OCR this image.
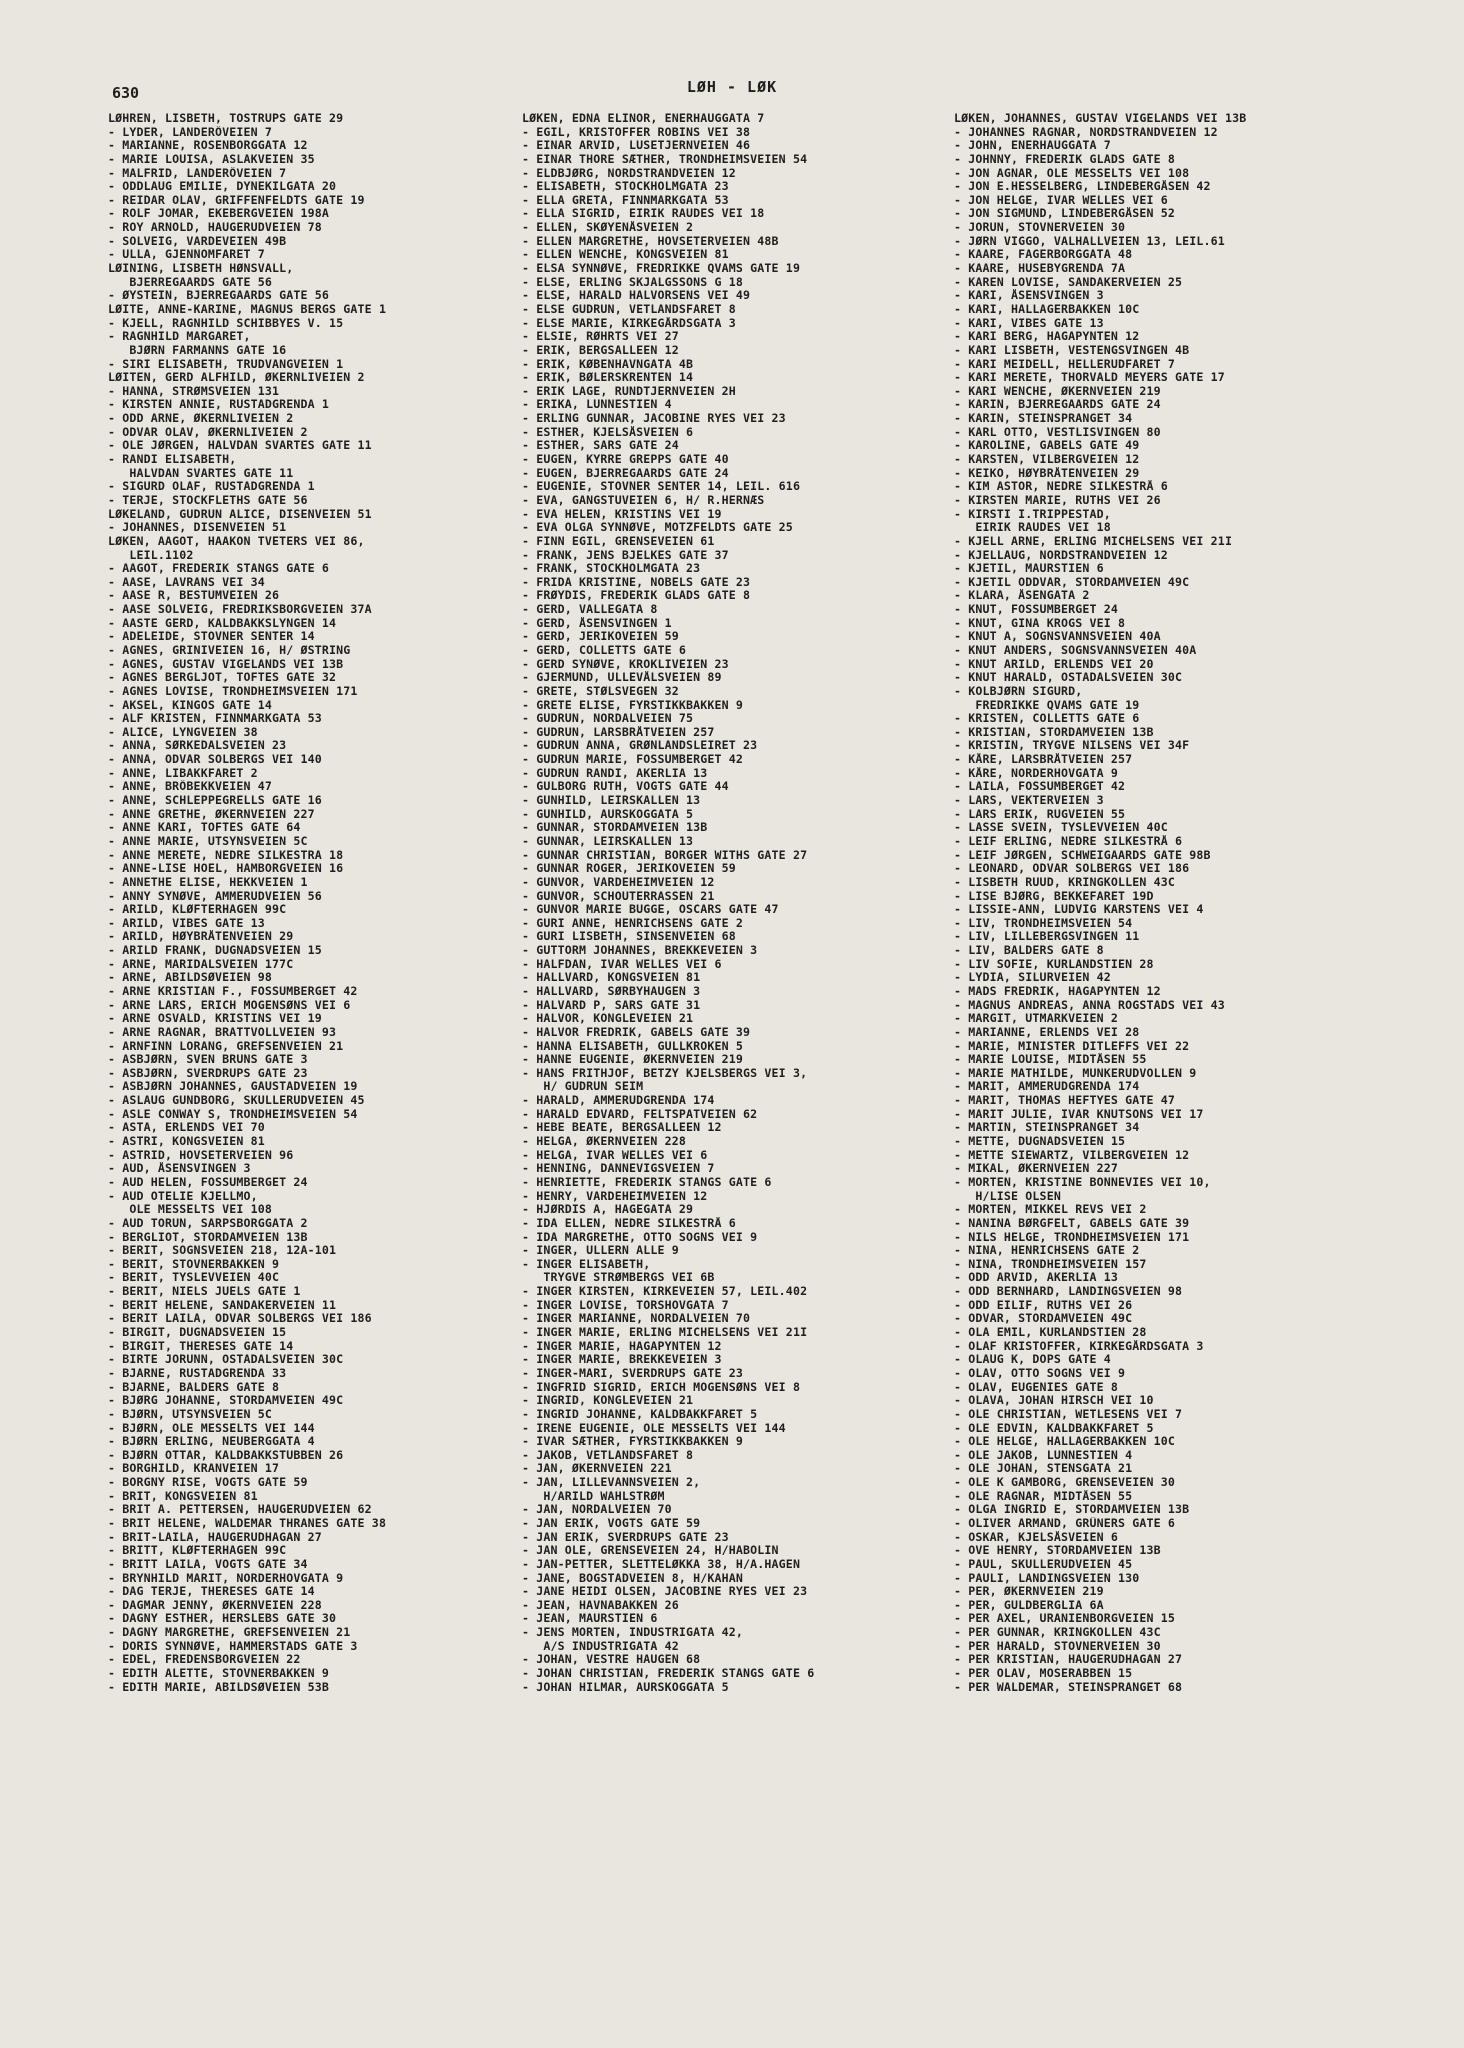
630	LØH - LØK
LØHREN, LISBETH, TOSTRUPS GATE 29
- LYDER, LANDERÖVEIEN 7
- MARIANNE, ROSENBORGGATA 12
- MARIE LOUISA, ASLAKVEIEN 35
- MALFRID, LANDERÖVEIEN 7
- ODDLAUG EMILIE, DYNEKILGATA 20
- REIDAR OLAV, GRIFFENFELDTS GATE 19
- ROLF JOMAR, EKEBERGVEIEN 198A
- ROY ARNOLD, HAUGERUDVEIEN 78
- SOLVEIG, VARDEVEIEN 49B
- ULLA, GJENNOMFARET 7
LØINING, LISBETH HØNSVALL,
BJERREGAARDS GATE 56
- ØYSTEIN, BJERREGAARDS GATE 56
LØITE, ANNE-KARINE, MAGNUS BERGS GATE 1
- KJELL, RAGNHILD SCHIBBYES V. 15
- RAGNHILD MARGARET,
BJØRN FARMANNS GATE 16
- SIRI ELISABETH, TRUDVANGVEIEN 1
LØITEN, GERD ALFHILD, ØKERNLIVEIEN 2
- HANNA, STRØMSVEIEN 131
- KIRSTEN ANNIE, RUSTADGRENDA 1
- ODD ARNE, ØKERNLIVEIEN 2
- ODVAR OLAV, ØKERNLIVEIEN 2
- OLE JØRGEN, HALVDAN SVARTES GATE 11
- RANDI ELISABETH,
HALVDAN SVARTES GATE 11
- SIGURD OLAF, RUSTADGRENDA 1
- TERJE, STOCKFLETHS GATE 56
LØKELAND, GUDRUN ALICE, DISENVEIEN 51
- JOHANNES, DISENVEIEN 51
LØKEN, AAGOT, HAAKON TVETERS VEI 86,
LEIL.1102
- AAGOT, FREDERIK STANGS GATE 6
- AASE, LAVRANS VEI 34
- AASE R, BESTUMVEIEN 26
- AASE SOLVEIG, FREDRIKSBORGVEIEN 37A
- AASTE GERD, KALDBAKKSLYNGEN 14
- ADELEIDE, STOVNER SENTER 14
- AGNES, GRINIVEIEN 16, H/ ØSTRING
- AGNES, GUSTAV VIGELANDS VEI 13B
- AGNES BERGLJOT, TOFTES GATE 32
- AGNES LOVISE, TRONDHEIMSVEIEN 171
- AKSEL, KINGOS GATE 14
- ALF KRISTEN, FINNMARKGATA 53
- ALICE, LYNGVEIEN 38
- ANNA, SØRKEDALSVEIEN 23
- ANNA, ODVAR SOLBERGS VEI 140
- ANNE, LIBAKKFARET 2
- ANNE, BRÖBEKKVEIEN 47
- ANNE, SCHLEPPEGRELLS GATE 16
- ANNE GRETHE, ØKERNVEIEN 227
- ANNE KARI, TOFTES GATE 64
- ANNE MARIE, UTSYNSVEIEN 5C
- ANNE MERETE, NEDRE SILKESTRA 18
- ANNE-LISE HOEL, HAMBORGVEIEN 16
- ANNETHE ELISE, HEKKVEIEN 1
- ANNY SYNØVE, AMMERUDVEIEN 56
- ARILD, KLØFTERHAGEN 99C
- ARILD, VIBES GATE 13
- ARILD, HØYBRÅTENVEIEN 29
- ARILD FRANK, DUGNADSVEIEN 15
- ARNE, MARIDALSVEIEN 177C
- ARNE, ABILDSØVEIEN 98
- ARNE KRISTIAN F., FOSSUMBERGET 42
- ARNE LARS, ERICH MOGENSØNS VEI 6
- ARNE OSVALD, KRISTINS VEI 19
- ARNE RAGNAR, BRATTVOLLVEIEN 93
- ARNFINN LORANG, GREFSENVEIEN 21
- ASBJØRN, SVEN BRUNS GATE 3
- ASBJØRN, SVERDRUPS GATE 23
- ASBJØRN JOHANNES, GAUSTADVEIEN 19
- ASLAUG GUNDBORG, SKULLERUDVEIEN 45
- ASLE CONWAY S, TRONDHEIMSVEIEN 54
- ASTA, ERLENDS VEI 70
- ASTRI, KONGSVEIEN 81
- ASTRID, HOVSETERVEIEN 96
- AUD, ÅSENSVINGEN 3
- AUD HELEN, FOSSUMBERGET 24
- AUD OTELIE KJELLMO,
OLE MESSELTS VEI 108
- AUD TORUN, SARPSBORGGATA 2
- BERGLIOT, STORDAMVEIEN 13B
- BERIT, SOGNSVEIEN 218, 12A-101
- BERIT, STOVNERBAKKEN 9
- BERIT, TYSLEVVEIEN 40C
- BERIT, NIELS JUELS GATE 1
- BERIT HELENE, SANDAKERVEIEN 11
- BERIT LAILA, ODVAR SOLBERGS VEI 186
- BIRGIT, DUGNADSVEIEN 15
- BIRGIT, THERESES GATE 14
- BIRTE JORUNN, OSTADALSVEIEN 30C
- BJARNE, RUSTADGRENDA 33
- BJARNE, BALDERS GATE 8
- BJØRG JOHANNE, STORDAMVEIEN 49C
- BJØRN, UTSYNSVEIEN 5C
- BJØRN, OLE MESSELTS VEI 144
- BJØRN ERLING, NEUBERGGATA 4
- BJØRN OTTAR, KALDBAKKSTUBBEN 26
- BORGHILD, KRANVEIEN 17
- BORGNY RISE, VOGTS GATE 59
- BRIT, KONGSVEIEN 81
- BRIT A. PETTERSEN, HAUGERUDVEIEN 62
- BRIT HELENE, WALDEMAR THRANES GATE 38
- BRIT-LAILA, HAUGERUDHAGAN 27
- BRITT, KLØFTERHAGEN 99C
- BRITT LAILA, VOGTS GATE 34
- BRYNHILD MARIT, NORDERHOVGATA 9
- DAG TERJE, THERESES GATE 14
- DAGMAR JENNY, ØKERNVEIEN 228
- DAGNY ESTHER, HERSLEBS GATE 30
- DAGNY MARGRETHE, GREFSENVEIEN 21
- DORIS SYNNØVE, HAMMERSTADS GATE 3
- EDEL, FREDENSBORGVEIEN 22
- EDITH ALETTE, STOVNERBAKKEN 9
- EDITH MARIE, ABILDSØVEIEN 53B
LØKEN, EDNA ELINOR, ENERHAUGGATA 7
- EGIL, KRISTOFFER ROBINS VEI 38
- EINAR ARVID, LUSETJERNVEIEN 46
- EINAR THORE SÆTHER, TRONDHEIMSVEIEN 54
- ELDBJØRG, NORDSTRANDVEIEN 12
- ELISABETH, STOCKHOLMGATA 23
- ELLA GRETA, FINNMARKGATA 53
- ELLA SIGRID, EIRIK RAUDES VEI 18
- ELLEN, SKØYENÅSVEIEN 2
- ELLEN MARGRETHE, HOVSETERVEIEN 48B
- ELLEN WENCHE, KONGSVEIEN 81
- ELSA SYNNØVE, FREDRIKKE QVAMS GATE 19
- ELSE, ERLING SKJALGSSONS G 18
- ELSE, HARALD HALVORSENS VEI 49
- ELSE GUDRUN, VETLANDSFARET 8
- ELSE MARIE, KIRKEGÅRDSGATA 3
- ELSIE, RØHRTS VEI 27
- ERIK, BERGSALLEEN 12
- ERIK, KØBENHAVNGATA 4B
- ERIK, BØLERSKRENTEN 14
- ERIK LAGE, RUNDTJERNVEIEN 2H
- ERIKA, LUNNESTIEN 4
- ERLING GUNNAR, JACOBINE RYES VEI 23
- ESTHER, KJELSÅSVEIEN 6
- ESTHER, SARS GATE 24
- EUGEN, KYRRE GREPPS GATE 40
- EUGEN, BJERREGAARDS GATE 24
- EUGENIE, STOVNER SENTER 14, LEIL. 616
- EVA, GANGSTUVEIEN 6, H/ R.HERNÆS
- EVA HELEN, KRISTINS VEI 19
- EVA OLGA SYNNØVE, MOTZFELDTS GATE 25
- FINN EGIL, GRENSEVEIEN 61
- FRANK, JENS BJELKES GATE 37
- FRANK, STOCKHOLMGATA 23
- FRIDA KRISTINE, NOBELS GATE 23
- FRØYDIS, FREDERIK GLADS GATE 8
- GERD, VALLEGATA 8
- GERD, ÅSENSVINGEN 1
- GERD, JERIKOVEIEN 59
- GERD, COLLETTS GATE 6
- GERD SYNØVE, KROKLIVEIEN 23
- GJERMUND, ULLEVÅLSVEIEN 89
- GRETE, STØLSVEGEN 32
- GRETE ELISE, FYRSTIKKBAKKEN 9
- GUDRUN, NORDALVEIEN 75
- GUDRUN, LARSBRÅTVEIEN 257
- GUDRUN ANNA, GRØNLANDSLEIRET 23
- GUDRUN MARIE, FOSSUMBERGET 42
- GUDRUN RANDI, AKERLIA 13
- GULBORG RUTH, VOGTS GATE 44
- GUNHILD, LEIRSKALLEN 13
- GUNHILD, AURSKOGGATA 5
- GUNNAR, STORDAMVEIEN 13B
- GUNNAR, LEIRSKALLEN 13
- GUNNAR CHRISTIAN, BORGER WITHS GATE 27
- GUNNAR ROGER, JERIKOVEIEN 59
- GUNVOR, VARDEHEIMVEIEN 12
- GUNVOR, SCHOUTERRASSEN 21
- GUNVOR MARIE BUGGE, OSCARS GATE 47
- GURI ANNE, HENRICHSENS GATE 2
- GURI LISBETH, SINSENVEIEN 68
- GUTTORM JOHANNES, BREKKEVEIEN 3
- HALFDAN, IVAR WELLES VEI 6
- HALLVARD, KONGSVEIEN 81
- HALLVARD, SØRBYHAUGEN 3
- HALVARD P, SARS GATE 31
- HALVOR, KONGLEVEIEN 21
- HALVOR FREDRIK, GABELS GATE 39
- HANNA ELISABETH, GULLKROKEN 5
- HANNE EUGENIE, ØKERNVEIEN 219
- HANS FRITHJOF, BETZY KJELSBERGS VEI 3,
H/ GUDRUN SEIM
- HARALD, AMMERUDGRENDA 174
- HARALD EDVARD, FELTSPATVEIEN 62
- HEBE BEATE, BERGSALLEEN 12
- HELGA, ØKERNVEIEN 228
- HELGA, IVAR WELLES VEI 6
- HENNING, DANNEVIGSVEIEN 7
- HENRIETTE, FREDERIK STANGS GATE 6
- HENRY, VARDEHEIMVEIEN 12
- HJØRDIS A, HAGEGATA 29
- IDA ELLEN, NEDRE SILKESTRÅ 6
- IDA MARGRETHE, OTTO SOGNS VEI 9
- INGER, ULLERN ALLE 9
- INGER ELISABETH,
TRYGVE STRØMBERGS VEI 6B
- INGER KIRSTEN, KIRKEVEIEN 57, LEIL.402
- INGER LOVISE, TORSHOVGATA 7
- INGER MARIANNE, NORDALVEIEN 70
- INGER MARIE, ERLING MICHELSENS VEI 21I
- INGER MARIE, HAGAPYNTEN 12
- INGER MARIE, BREKKEVEIEN 3
- INGER-MARI, SVERDRUPS GATE 23
- INGFRID SIGRID, ERICH MOGENSØNS VEI 8
- INGRID, KONGLEVEIEN 21
- INGRID JOHANNE, KALDBAKKFARET 5
- IRENE EUGENIE, OLE MESSELTS VEI 144
- IVAR SÆTHER, FYRSTIKKBAKKEN 9
- JAKOB, VETLANDSFARET 8
- JAN, ØKERNVEIEN 221
- JAN, LILLEVANNSVEIEN 2,
H/ARILD WAHLSTRØM
- JAN, NORDALVEIEN 70
- JAN ERIK, VOGTS GATE 59
- JAN ERIK, SVERDRUPS GATE 23
- JAN OLE, GRENSEVEIEN 24, H/HABOLIN
- JAN-PETTER, SLETTELØKKA 38, H/A.HAGEN
- JANE, BOGSTADVEIEN 8, H/KAHAN
- JANE HEIDI OLSEN, JACOBINE RYES VEI 23
- JEAN, HAVNABAKKEN 26
- JEAN, MAURSTIEN 6
- JENS MORTEN, INDUSTRIGATA 42,
A/S INDUSTRIGATA 42
- JOHAN, VESTRE HAUGEN 68
- JOHAN CHRISTIAN, FREDERIK STANGS GATE 6
- JOHAN HILMAR, AURSKOGGATA 5
LØKEN, JOHANNES, GUSTAV VIGELANDS VEI 13B
- JOHANNES RAGNAR, NORDSTRANDVEIEN 12
- JOHN, ENERHAUGGATA 7
- JOHNNY, FREDERIK GLADS GATE 8
- JON AGNAR, OLE MESSELTS VEI 108
- JON E.HESSELBERG, LINDEBERGÅSEN 42
- JON HELGE, IVAR WELLES VEI 6
- JON SIGMUND, LINDEBERGÅSEN 52
- JORUN, STOVNERVEIEN 30
- JØRN VIGGO, VALHALLVEIEN 13, LEIL.61
- KAARE, FAGERBORGGATA 48
- KAARE, HUSEBYGRENDA 7A
- KAREN LOVISE, SANDAKERVEIEN 25
- KARI, ÅSENSVINGEN 3
- KARI, HALLAGERBAKKEN 10C
- KARI, VIBES GATE 13
- KARI BERG, HAGAPYNTEN 12
- KARI LISBETH, VESTENGSVINGEN 4B
- KARI MEIDELL, HELLERUDFARET 7
- KARI MERETE, THORVALD MEYERS GATE 17
- KARI WENCHE, ØKERNVEIEN 219
- KARIN, BJERREGAARDS GATE 24
- KARIN, STEINSPRANGET 34
- KARL OTTO, VESTLISVINGEN 80
- KAROLINE, GABELS GATE 49
- KARSTEN, VILBERGVEIEN 12
- KEIKO, HØYBRÅTENVEIEN 29
- KIM ASTOR, NEDRE SILKESTRÅ 6
- KIRSTEN MARIE, RUTHS VEI 26
- KIRSTI I.TRIPPESTAD,
EIRIK RAUDES VEI 18
- KJELL ARNE, ERLING MICHELSENS VEI 21I
- KJELLAUG, NORDSTRANDVEIEN 12
- KJETIL, MAURSTIEN 6
- KJETIL ODDVAR, STORDAMVEIEN 49C
- KLARA, ÅSENGATA 2
- KNUT, FOSSUMBERGET 24
- KNUT, GINA KROGS VEI 8
- KNUT A, SOGNSVANNSVEIEN 40A
- KNUT ANDERS, SOGNSVANNSVEIEN 40A
- KNUT ARILD, ERLENDS VEI 20
- KNUT HARALD, OSTADALSVEIEN 30C
- KOLBJØRN SIGURD,
FREDRIKKE QVAMS GATE 19
- KRISTEN, COLLETTS GATE 6
- KRISTIAN, STORDAMVEIEN 13B
- KRISTIN, TRYGVE NILSENS VEI 34F
- KÅRE, LARSBRÅTVEIEN 257
- KÅRE, NORDERHOVGATA 9
- LAILA, FOSSUMBERGET 42
- LARS, VEKTERVEIEN 3
- LARS ERIK, RUGVEIEN 55
- LASSE SVEIN, TYSLEVVEIEN 40C
- LEIF ERLING, NEDRE SILKESTRÅ 6
- LEIF JØRGEN, SCHWEIGAARDS GATE 98B
- LEONARD, ODVAR SOLBERGS VEI 186
- LISBETH RUUD, KRINGKOLLEN 43C
- LISE BJØRG, BEKKEFARET 19D
- LISSIE-ANN, LUDVIG KARSTENS VEI 4
- LIV, TRONDHEIMSVEIEN 54
- LIV, LILLEBERGSVINGEN 11
- LIV, BALDERS GATE 8
- LIV SOFIE, KURLANDSTIEN 28
- LYDIA, SILURVEIEN 42
- MADS FREDRIK, HAGAPYNTEN 12
- MAGNUS ANDREAS, ANNA ROGSTADS VEI 43
- MARGIT, UTMARKVEIEN 2
- MARIANNE, ERLENDS VEI 28
- MARIE, MINISTER DITLEFFS VEI 22
- MARIE LOUISE, MIDTÅSEN 55
- MARIE MATHILDE, MUNKERUDVOLLEN 9
- MARIT, AMMERUDGRENDA 174
- MARIT, THOMAS HEFTYES GATE 47
- MARIT JULIE, IVAR KNUTSONS VEI 17
- MARTIN, STEINSPRANGET 34
- METTE, DUGNADSVEIEN 15
- METTE SIEWARTZ, VILBERGVEIEN 12
- MIKAL, ØKERNVEIEN 227
- MORTEN, KRISTINE BONNEVIES VEI 10,
H/LISE OLSEN
- MORTEN, MIKKEL REVS VEI 2
- NANINA BØRGFELT, GABELS GATE 39
- NILS HELGE, TRONDHEIMSVEIEN 171
- NINA, HENRICHSENS GATE 2
- NINA, TRONDHEIMSVEIEN 157
- ODD ARVID, AKERLIA 13
- ODD BERNHARD, LANDINGSVEIEN 98
- ODD EILIF, RUTHS VEI 26
- ODVAR, STORDAMVEIEN 49C
- OLA EMIL, KURLANDSTIEN 28
- OLAF KRISTOFFER, KIRKEGÅRDSGATA 3
- OLAUG K, DOPS GATE 4
- OLAV, OTTO SOGNS VEI 9
- OLAV, EUGENIES GATE 8
- OLAVA, JOHAN HIRSCH VEI 10
- OLE CHRISTIAN, WETLESENS VEI 7
- OLE EDVIN, KALDBAKKFARET 5
- OLE HELGE, HALLAGERBAKKEN 10C
- OLE JAKOB, LUNNESTIEN 4
- OLE JOHAN, STENSGATA 21
- OLE K GAMBORG, GRENSEVEIEN 30
- OLE RAGNAR, MIDTÅSEN 55
- OLGA INGRID E, STORDAMVEIEN 13B
- OLIVER ARMAND, GRÜNERS GATE 6
- OSKAR, KJELSÅSVEIEN 6
- OVE HENRY, STORDAMVEIEN 13B
- PAUL, SKULLERUDVEIEN 45
- PAULI, LANDINGSVEIEN 130
- PER, ØKERNVEIEN 219
- PER, GULDBERGLIA 6A
- PER AXEL, URANIENBORGVEIEN 15
- PER GUNNAR, KRINGKOLLEN 43C
- PER HARALD, STOVNERVEIEN 30
- PER KRISTIAN, HAUGERUDHAGAN 27
- PER OLAV, MOSERABBEN 15
- PER WALDEMAR, STEINSPRANGET 68
